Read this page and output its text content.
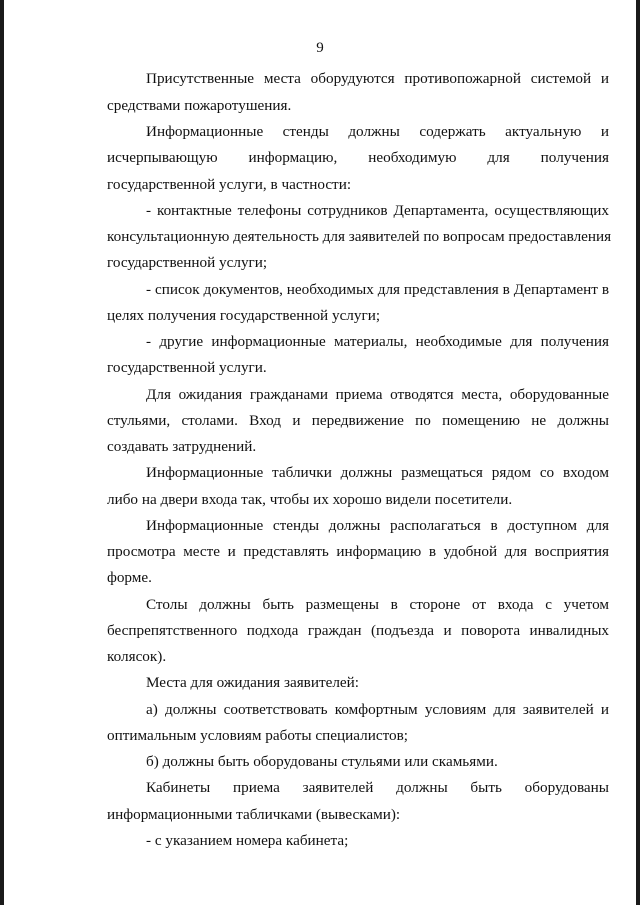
9
Присутственные места оборудуются противопожарной системой и
средствами пожаротушения.
Информационные стенды должны содержать актуальную и
исчерпывающую информацию, необходимую для получения
государственной услуги, в частности:
- контактные телефоны сотрудников Департамента, осуществляющих
консультационную деятельность для заявителей по вопросам предоставления
государственной услуги;
- список документов, необходимых для представления в Департамент в
целях получения государственной услуги;
- другие информационные материалы, необходимые для получения
государственной услуги.
Для ожидания гражданами приема отводятся места, оборудованные
стульями, столами. Вход и передвижение по помещению не должны
создавать затруднений.
Информационные таблички должны размещаться рядом со входом
либо на двери входа так, чтобы их хорошо видели посетители.
Информационные стенды должны располагаться в доступном для
просмотра месте и представлять информацию в удобной для восприятия
форме.
Столы должны быть размещены в стороне от входа с учетом
беспрепятственного подхода граждан (подъезда и поворота инвалидных
колясок).
Места для ожидания заявителей:
а) должны соответствовать комфортным условиям для заявителей и
оптимальным условиям работы специалистов;
б) должны быть оборудованы стульями или скамьями.
Кабинеты приема заявителей должны быть оборудованы
информационными табличками (вывесками):
- с указанием номера кабинета;
